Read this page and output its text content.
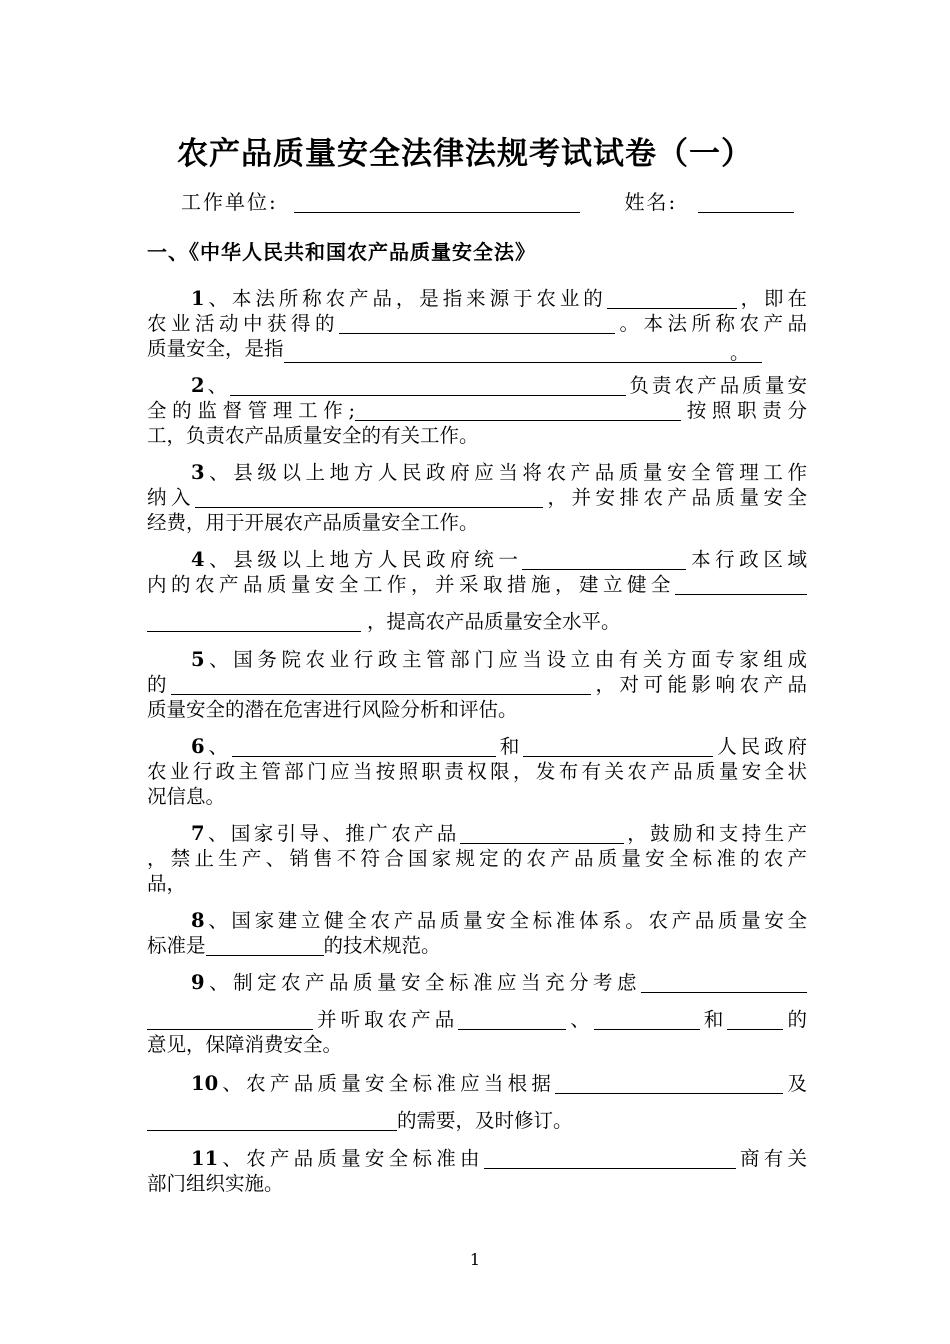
农产品质量安全法律法规考试试卷（一）
工作单位:	姓名:
一、《中华人民共和国农产品质量安全法》
1、本法所称农产品，是指来源于农业的	，即在
农业活动中获得的	。本法所称农产品
质量安全，是指	。
2、	负责农产品质量安
全的监督管理工作;	按照职责分
工，负责农产品质量安全的有关工作。
3、县级以上地方人民政府应当将农产品质量安全管理工作
纳入	，并安排农产品质量安全
经费，用于开展农产品质量安全工作。
4、县级以上地方人民政府统一	本行政区域
内的农产品质量安全工作，并采取措施，建立健全
，提高农产品质量安全水平。
5、国务院农业行政主管部门应当设立由有关方面专家组成
的	，对可能影响农产品
质量安全的潜在危害进行风险分析和评估。
6、	和	人民政府
农业行政主管部门应当按照职责权限，发布有关农产品质量安全状
况信息。
7、国家引导、推广农产品	，鼓励和支持生产
，禁止生产、销售不符合国家规定的农产品质量安全标准的农产
品，
8、国家建立健全农产品质量安全标准体系。农产品质量安全
标准是	的技术规范。
9、制定农产品质量安全标准应当充分考虑
并听取农产品	、	和	的
意见，保障消费安全。
10、农产品质量安全标准应当根据	及
的需要，及时修订。
11、农产品质量安全标准由	商有关
部门组织实施。
1
